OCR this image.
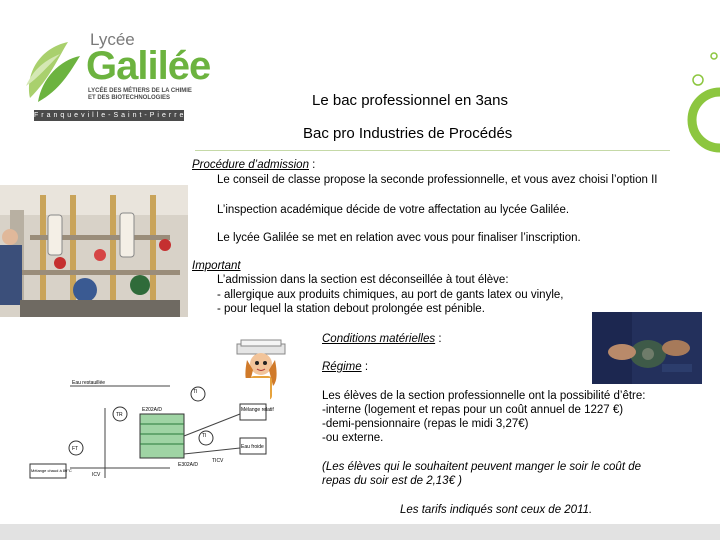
Lycée
Galilée
LYCÉE DES MÉTIERS DE LA CHIMIE ET DES BIOTECHNOLOGIES
Franqueville-Saint-Pierre
Le bac professionnel en 3ans
Bac pro Industries de Procédés
Procédure d’admission :
Le conseil de classe propose la seconde professionnelle, et vous avez choisi l’option II
L’inspection académique décide de votre affectation au lycée Galilée.
Le lycée Galilée se met en relation avec vous pour finaliser l’inscription.
Important
L’admission dans la section est déconseillée à tout élève:
- allergique aux produits chimiques, au port de gants latex ou vinyle,
- pour lequel la station debout prolongée est pénible.
Conditions matérielles :
Régime :
Les élèves de la section professionnelle ont la possibilité d’être:
-interne (logement et repas pour un coût annuel de 1227 €)
-demi-pensionnaire (repas le midi 3,27€)
-ou externe.
(Les élèves qui le souhaitent peuvent manger le soir le coût de
repas du soir est de 2,13€ )
Les tarifs indiqués sont ceux de 2011.
Eau restauillée
TI
E202A/D	Mélange relatif
TI
TICV
Eau froide
E302A/D
TR
FT
ICV
Mélange chaud à 80°C
